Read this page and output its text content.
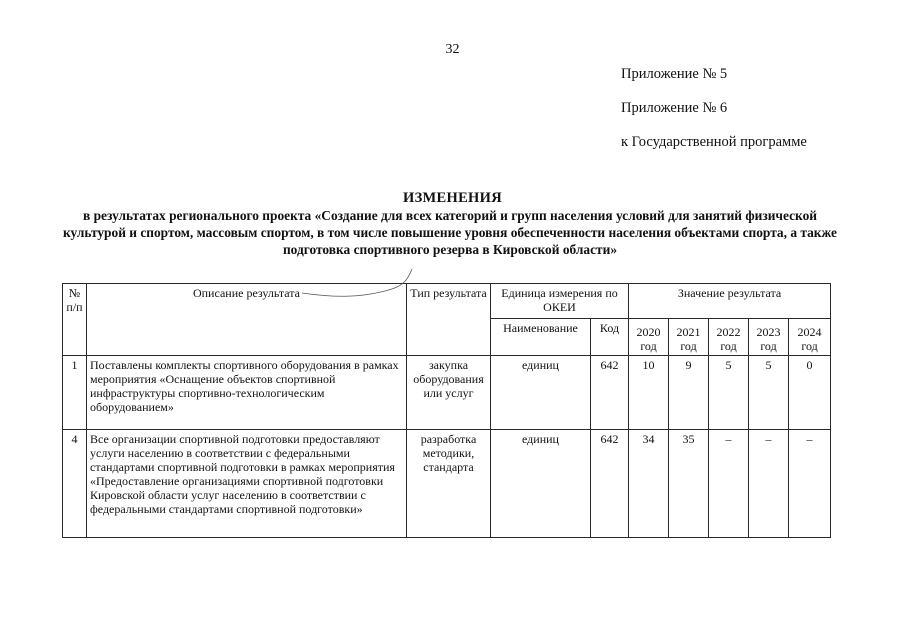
32
Приложение № 5
Приложение № 6
к Государственной программе
ИЗМЕНЕНИЯ
в результатах регионального проекта «Создание для всех категорий и групп населения условий для занятий физической культурой и спортом, массовым спортом, в том числе повышение уровня обеспеченности населения объектами спорта, а также подготовка спортивного резерва в Кировской области»
№ п/п	Описание результата	Тип результата	Единица измерения по ОКЕИ		Значение результата				
			Наименование	Код	2020 год	2021 год	2022 год	2023 год	2024 год
1	Поставлены комплекты спортивного оборудования в рамках мероприятия «Оснащение объектов спортивной инфраструктуры спортивно-технологическим оборудованием»	закупка оборудования или услуг	единиц	642	10	9	5	5	0
4	Все организации спортивной подготовки предоставляют услуги населению в соответствии с федеральными стандартами спортивной подготовки в рамках мероприятия «Предоставление организациями спортивной подготовки Кировской области услуг населению в соответствии с федеральными стандартами спортивной подготовки»	разработка методики, стандарта	единиц	642	34	35	–	–	–
